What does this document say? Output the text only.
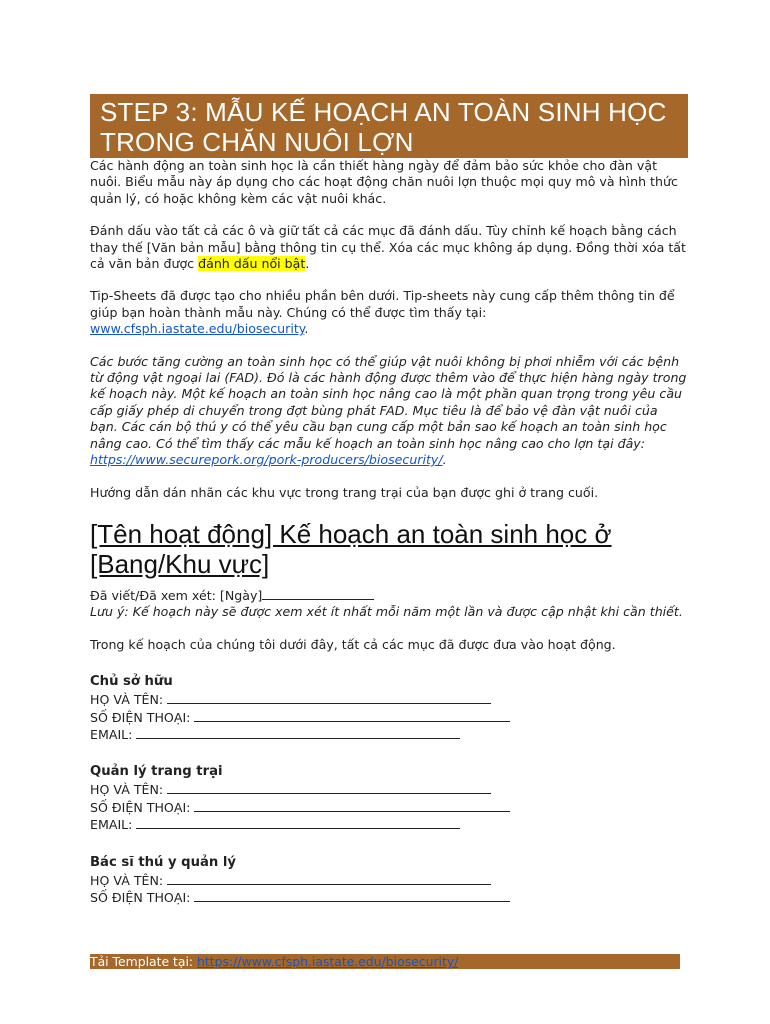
STEP 3: MẪU KẾ HOẠCH AN TOÀN SINH HỌC
TRONG CHĂN NUÔI LỢN

Các hành động an toàn sinh học là cần thiết hàng ngày để đảm bảo sức khỏe cho đàn vật nuôi. Biểu mẫu này áp dụng cho các hoạt động chăn nuôi lợn thuộc mọi quy mô và hình thức quản lý, có hoặc không kèm các vật nuôi khác.

Đánh dấu vào tất cả các ô và giữ tất cả các mục đã đánh dấu. Tùy chỉnh kế hoạch bằng cách thay thế [Văn bản mẫu] bằng thông tin cụ thể. Xóa các mục không áp dụng. Đồng thời xóa tất cả văn bản được đánh dấu nổi bật.

Tip-Sheets đã được tạo cho nhiều phần bên dưới. Tip-sheets này cung cấp thêm thông tin để giúp bạn hoàn thành mẫu này. Chúng có thể được tìm thấy tại: www.cfsph.iastate.edu/biosecurity.

Các bước tăng cường an toàn sinh học có thể giúp vật nuôi không bị phơi nhiễm với các bệnh từ động vật ngoại lai (FAD). Đó là các hành động được thêm vào để thực hiện hàng ngày trong kế hoạch này. Một kế hoạch an toàn sinh học nâng cao là một phần quan trọng trong yêu cầu cấp giấy phép di chuyển trong đợt bùng phát FAD. Mục tiêu là để bảo vệ đàn vật nuôi của bạn. Các cán bộ thú y có thể yêu cầu bạn cung cấp một bản sao kế hoạch an toàn sinh học nâng cao. Có thể tìm thấy các mẫu kế hoạch an toàn sinh học nâng cao cho lợn tại đây: https://www.securepork.org/pork-producers/biosecurity/.

Hướng dẫn dán nhãn các khu vực trong trang trại của bạn được ghi ở trang cuối.

[Tên hoạt động] Kế hoạch an toàn sinh học ở [Bang/Khu vực]

Đã viết/Đã xem xét: [Ngày]

Lưu ý: Kế hoạch này sẽ được xem xét ít nhất mỗi năm một lần và được cập nhật khi cần thiết.

Trong kế hoạch của chúng tôi dưới đây, tất cả các mục đã được đưa vào hoạt động.

Chủ sở hữu

HỌ VÀ TÊN:

SỐ ĐIỆN THOẠI:

EMAIL:

Quản lý trang trại

HỌ VÀ TÊN:

SỐ ĐIỆN THOẠI:

EMAIL:

Bác sĩ thú y quản lý

HỌ VÀ TÊN:

SỐ ĐIỆN THOẠI:

Tải Template tại: https://www.cfsph.iastate.edu/biosecurity/
